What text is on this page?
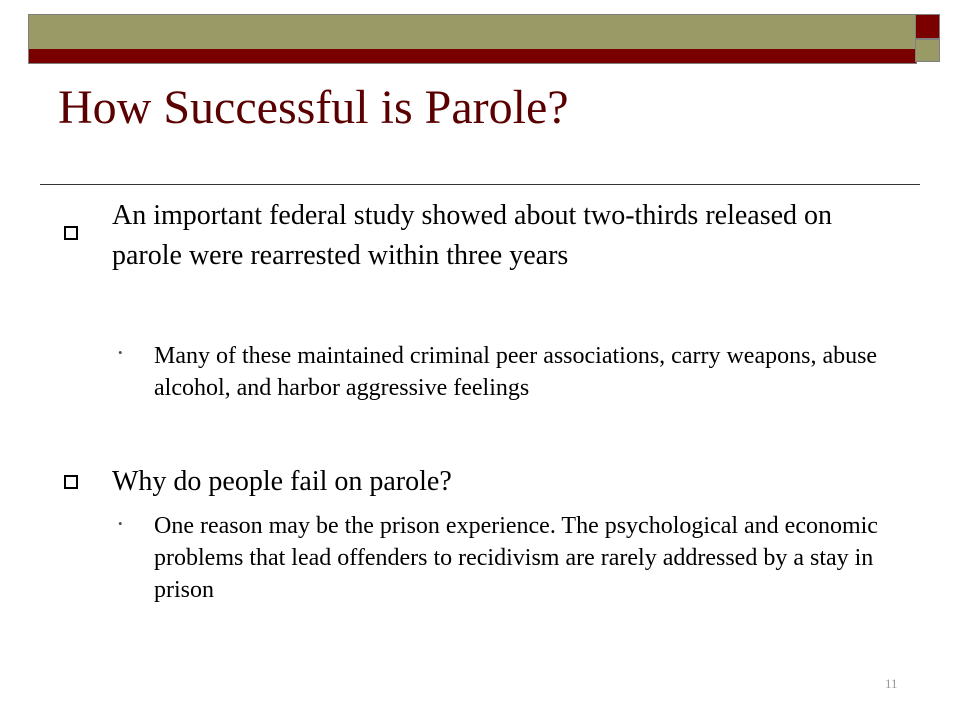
How Successful is Parole?
An important federal study showed about two-thirds released on parole were rearrested within three years
• Many of these maintained criminal peer associations, carry weapons, abuse alcohol, and harbor aggressive feelings
Why do people fail on parole?
• One reason may be the prison experience. The psychological and economic problems that lead offenders to recidivism are rarely addressed by a stay in prison
11
